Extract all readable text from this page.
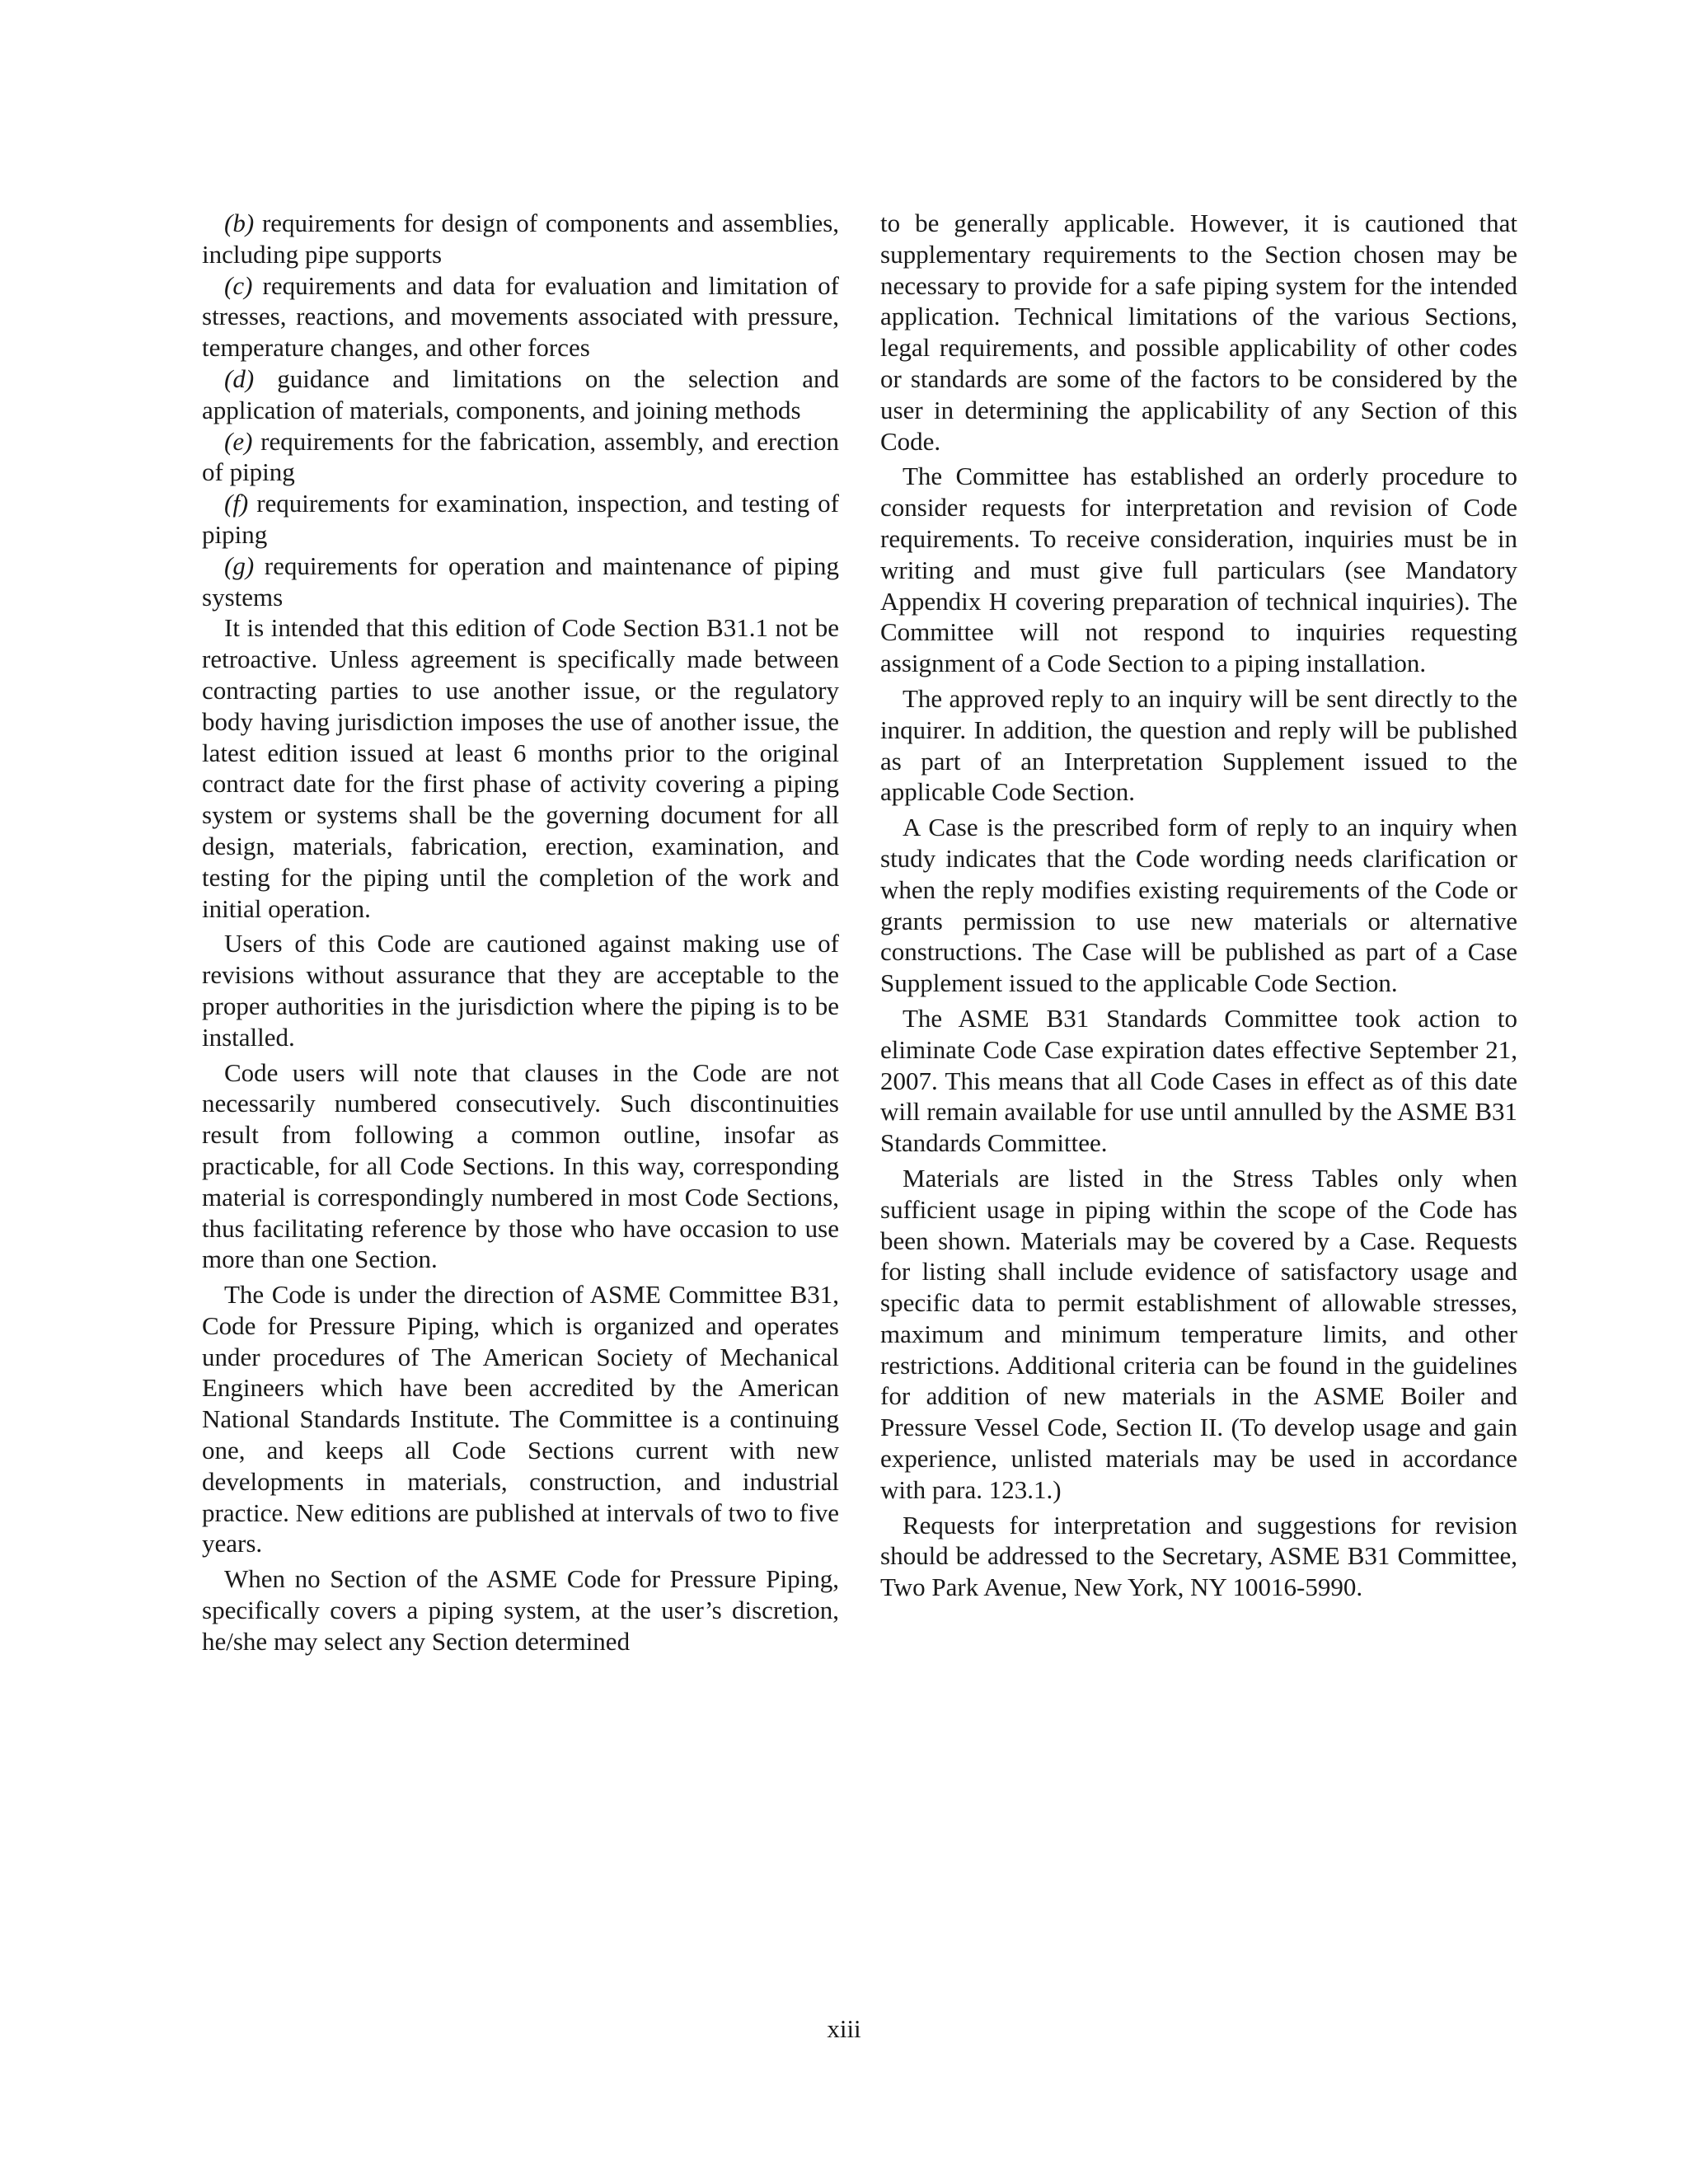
(b) requirements for design of components and assemblies, including pipe supports

(c) requirements and data for evaluation and limitation of stresses, reactions, and movements associated with pressure, temperature changes, and other forces

(d) guidance and limitations on the selection and application of materials, components, and joining methods

(e) requirements for the fabrication, assembly, and erection of piping

(f) requirements for examination, inspection, and testing of piping

(g) requirements for operation and maintenance of piping systems

It is intended that this edition of Code Section B31.1 not be retroactive. Unless agreement is specifically made between contracting parties to use another issue, or the regulatory body having jurisdiction imposes the use of another issue, the latest edition issued at least 6 months prior to the original contract date for the first phase of activity covering a piping system or systems shall be the governing document for all design, materials, fabrication, erection, examination, and testing for the piping until the completion of the work and initial operation.

Users of this Code are cautioned against making use of revisions without assurance that they are acceptable to the proper authorities in the jurisdiction where the piping is to be installed.

Code users will note that clauses in the Code are not necessarily numbered consecutively. Such discontinuities result from following a common outline, insofar as practicable, for all Code Sections. In this way, corresponding material is correspondingly numbered in most Code Sections, thus facilitating reference by those who have occasion to use more than one Section.

The Code is under the direction of ASME Committee B31, Code for Pressure Piping, which is organized and operates under procedures of The American Society of Mechanical Engineers which have been accredited by the American National Standards Institute. The Committee is a continuing one, and keeps all Code Sections current with new developments in materials, construction, and industrial practice. New editions are published at intervals of two to five years.

When no Section of the ASME Code for Pressure Piping, specifically covers a piping system, at the user’s discretion, he/she may select any Section determined

to be generally applicable. However, it is cautioned that supplementary requirements to the Section chosen may be necessary to provide for a safe piping system for the intended application. Technical limitations of the various Sections, legal requirements, and possible applicability of other codes or standards are some of the factors to be considered by the user in determining the applicability of any Section of this Code.

The Committee has established an orderly procedure to consider requests for interpretation and revision of Code requirements. To receive consideration, inquiries must be in writing and must give full particulars (see Mandatory Appendix H covering preparation of technical inquiries). The Committee will not respond to inquiries requesting assignment of a Code Section to a piping installation.

The approved reply to an inquiry will be sent directly to the inquirer. In addition, the question and reply will be published as part of an Interpretation Supplement issued to the applicable Code Section.

A Case is the prescribed form of reply to an inquiry when study indicates that the Code wording needs clarification or when the reply modifies existing requirements of the Code or grants permission to use new materials or alternative constructions. The Case will be published as part of a Case Supplement issued to the applicable Code Section.

The ASME B31 Standards Committee took action to eliminate Code Case expiration dates effective September 21, 2007. This means that all Code Cases in effect as of this date will remain available for use until annulled by the ASME B31 Standards Committee.

Materials are listed in the Stress Tables only when sufficient usage in piping within the scope of the Code has been shown. Materials may be covered by a Case. Requests for listing shall include evidence of satisfactory usage and specific data to permit establishment of allowable stresses, maximum and minimum temperature limits, and other restrictions. Additional criteria can be found in the guidelines for addition of new materials in the ASME Boiler and Pressure Vessel Code, Section II. (To develop usage and gain experience, unlisted materials may be used in accordance with para. 123.1.)

Requests for interpretation and suggestions for revision should be addressed to the Secretary, ASME B31 Committee, Two Park Avenue, New York, NY 10016-5990.

xiii
